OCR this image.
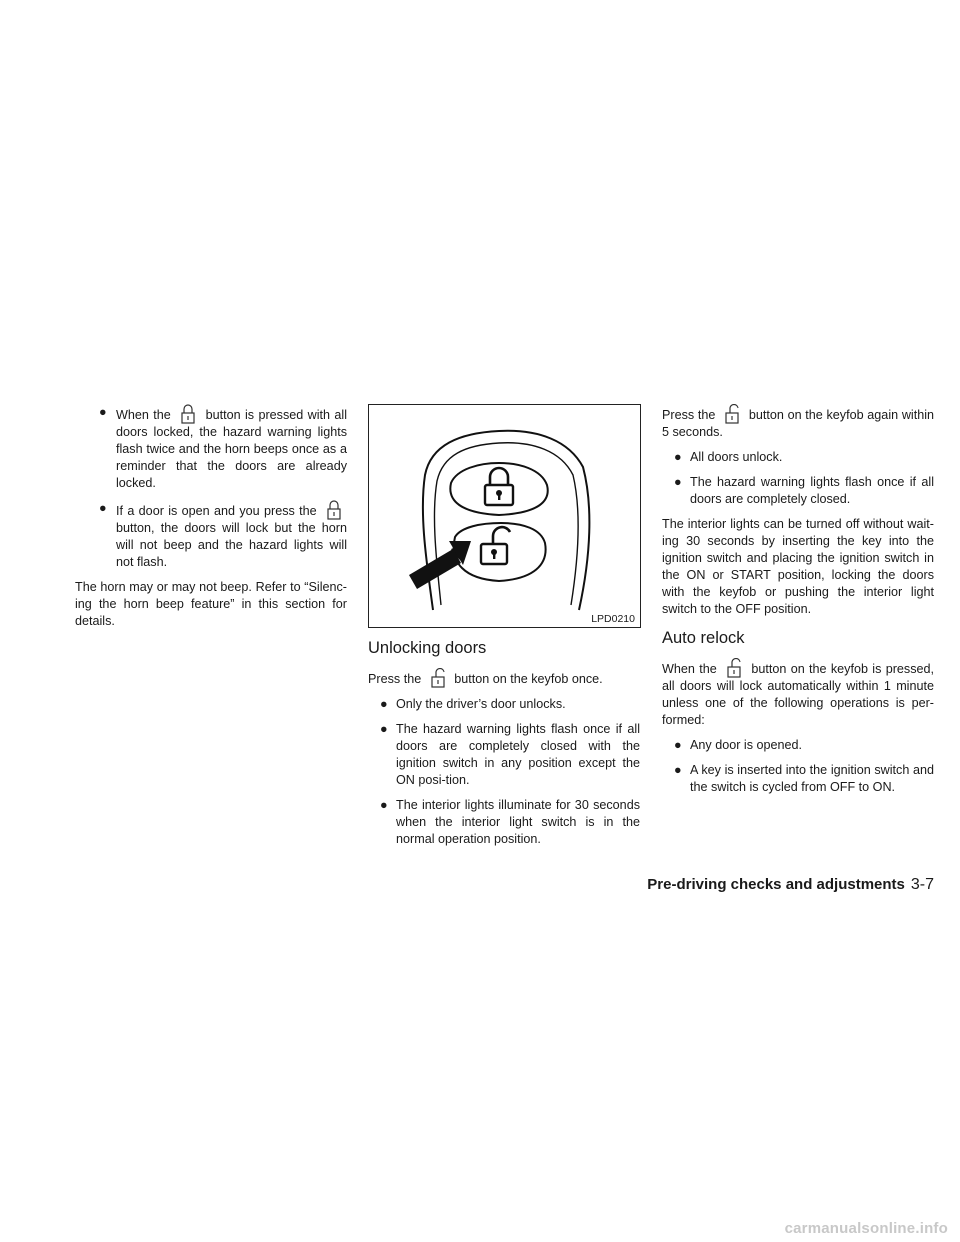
● When the	button is pressed with all doors locked, the hazard warning lights flash twice and the horn beeps once as a reminder that the doors are already locked.
● If a door is open and you press the  button, the doors will lock but the horn will not beep and the hazard lights will not flash.

The horn may or may not beep. Refer to “Silenc-ing the horn beep feature” in this section for details.	LPD0210
Unlocking doors

Press the	button on the keyfob once.

● Only the driver’s door unlocks.
● The hazard warning lights flash once if all doors are completely closed with the ignition switch in any position except the ON posi-tion.
● The interior lights illuminate for 30 seconds when the interior light switch is in the normal operation position.

Press the	button on the keyfob again within 5 seconds.

● All doors unlock.
● The hazard warning lights flash once if all doors are completely closed.

The interior lights can be turned off without wait-ing 30 seconds by inserting the key into the ignition switch and placing the ignition switch in the ON or START position, locking the doors with the keyfob or pushing the interior light switch to the OFF position.

Auto relock

When the	button on the keyfob is pressed, all doors will lock automatically within 1 minute unless one of the following operations is per-formed:

● Any door is opened.
● A key is inserted into the ignition switch and the switch is cycled from OFF to ON.
Pre-driving checks and adjustments 3-7
carmanualsonline.info
